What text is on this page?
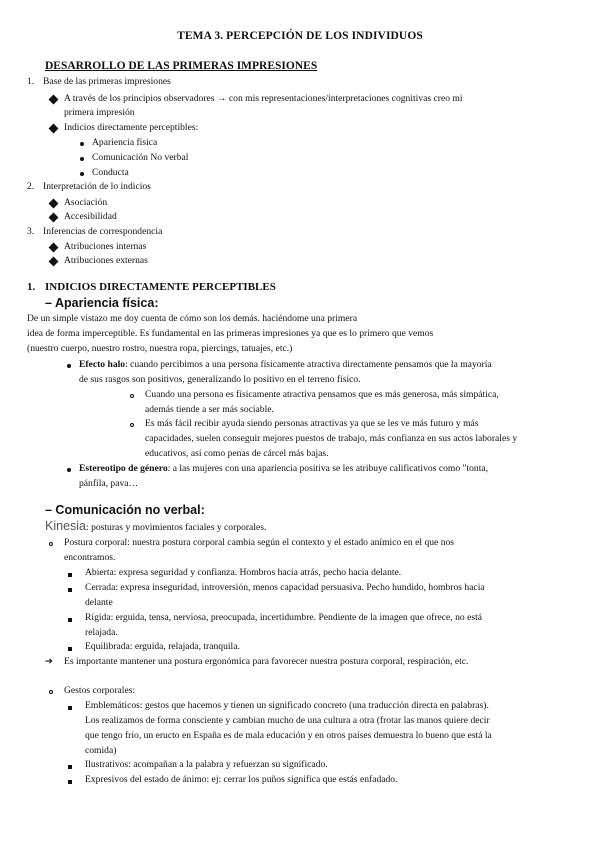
TEMA 3. PERCEPCIÓN DE LOS INDIVIDUOS
DESARROLLO DE LAS PRIMERAS IMPRESIONES
1. Base de las primeras impresiones
A través de los principios observadores → con mis representaciones/interpretaciones cognitivas creo mi
primera impresión
Indicios directamente perceptibles:
Apariencia física
Comunicación No verbal
Conducta
2. Interpretación de lo indicios
Asociación
Accesibilidad
3. Inferencias de correspondencia
Atribuciones internas
Atribuciones externas
1. INDICIOS DIRECTAMENTE PERCEPTIBLES
– Apariencia física:
De un simple vistazo me doy cuenta de cómo son los demás. haciéndome una primera
idea de forma imperceptible. Es fundamental en las primeras impresiones ya que es lo primero que vemos
(nuestro cuerpo, nuestro rostro, nuestra ropa, piercings, tatuajes, etc.)
Efecto halo: cuando percibimos a una persona físicamente atractiva directamente pensamos que la mayoría
de sus rasgos son positivos, generalizando lo positivo en el terreno físico.
Cuando una persona es físicamente atractiva pensamos que es más generosa, más simpática,
además tiende a ser más sociable.
Es más fácil recibir ayuda siendo personas atractivas ya que se les ve más futuro y más
capacidades, suelen conseguir mejores puestos de trabajo, más confianza en sus actos laborales y
educativos, así como penas de cárcel más bajas.
Estereotipo de género: a las mujeres con una apariencia positiva se les atribuye calificativos como "tonta,
pánfila, pava…
– Comunicación no verbal:
Kinesia: posturas y movimientos faciales y corporales.
Postura corporal: nuestra postura corporal cambia según el contexto y el estado anímico en el que nos
encontramos.
Abierta: expresa seguridad y confianza. Hombros hacia atrás, pecho hacia delante.
Cerrada: expresa inseguridad, introversión, menos capacidad persuasiva. Pecho hundido, hombros hacia
delante
Rígida: erguida, tensa, nerviosa, preocupada, incertidumbre. Pendiente de la imagen que ofrece, no está
relajada.
Equilibrada: erguida, relajada, tranquila.
➔ Es importante mantener una postura ergonómica para favorecer nuestra postura corporal, respiración, etc.
Gestos corporales:
Emblemáticos: gestos que hacemos y tienen un significado concreto (una traducción directa en palabras).
Los realizamos de forma consciente y cambian mucho de una cultura a otra (frotar las manos quiere decir
que tengo frío, un eructo en España es de mala educación y en otros países demuestra lo bueno que está la
comida)
Ilustrativos: acompañan a la palabra y refuerzan su significado.
Expresivos del estado de ánimo: ej: cerrar los puños significa que estás enfadado.
